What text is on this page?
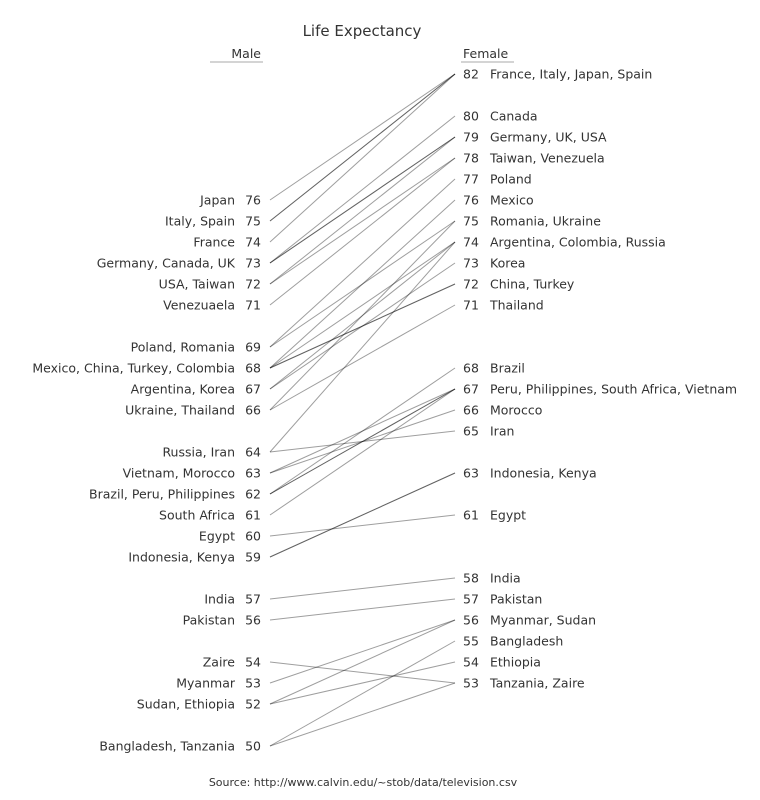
Life Expectancy
Male	Female
76
Japan
75
Italy, Spain
74
France
73
Germany, Canada, UK
72
USA, Taiwan
71
Venezuaela
69
Poland, Romania
68
Mexico, China, Turkey, Colombia
67
Argentina, Korea
66
Ukraine, Thailand
64
Russia, Iran
63
Vietnam, Morocco
62
Brazil, Peru, Philippines
61
South Africa
60
Egypt
59
Indonesia, Kenya
57
India
56
Pakistan
54
Zaire
53
Myanmar
52
Sudan, Ethiopia
50
Bangladesh, Tanzania
82 France, Italy, Japan, Spain
80 Canada
79 Germany, UK, USA
78 Taiwan, Venezuela
77 Poland
76 Mexico
75 Romania, Ukraine
74 Argentina, Colombia, Russia
73 Korea
72 China, Turkey
71 Thailand
68 Brazil
67 Peru, Philippines, South Africa, Vietnam
66 Morocco
65 Iran
63 Indonesia, Kenya
61 Egypt
58 India
57 Pakistan
56 Myanmar, Sudan
55 Bangladesh
54 Ethiopia
53 Tanzania, Zaire
Source: http://www.calvin.edu/~stob/data/television.csv
